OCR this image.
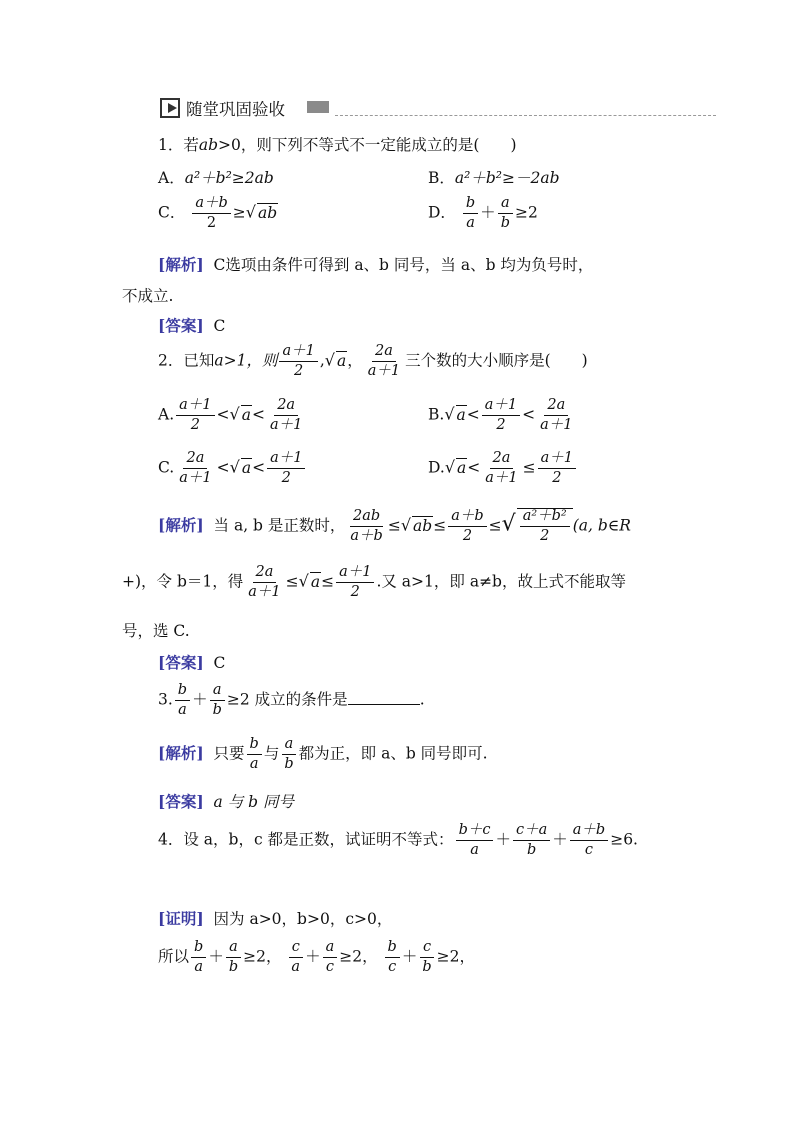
随堂巩固验收
1．若ab>0，则下列不等式不一定能成立的是(　　)
A．a²＋b²≥2ab	B．a²＋b²≥－2ab
C． $\frac{a+b}{2}$ ≥√ ab	D． $\frac{b}{a} + \frac{a}{b} \ge 2$
[解析] C选项由条件可得到 a、b 同号，当 a、b 均为负号时，
不成立.
[答案] C
2．已知a>1，则 $\frac{a+1}{2}$ ,√ a， $\frac{2a}{a+1}$ 三个数的大小顺序是(　　)
A. $\frac{a+1}{2}$ <√ $a< \frac{2a}{a+1}$	B.√ $a< \frac{a+1}{2} < \frac{2a}{a+1}$
C. $\frac{2a}{a+1}$ <√ $a< \frac{a+1}{2}$	D.√ $a< \frac{2a}{a+1} \le \frac{a+1}{2}$
[解析] 当 a, b 是正数时， $\frac{2ab}{a+b}$ ≤√ $ab\le \frac{a+b}{2}$ ≤√ $\frac{\text{a²＋b²}}{2} (a$, b∈R
+)，令 b＝1，得 $\frac{2a}{a+1}$ ≤√ $a\le \frac{a+1}{2}$ .又 a>1，即 a≠b，故上式不能取等
号，选 C.
[答案] C
3. $\frac{b}{a} + \frac{a}{b} \ge 2$ 成立的条件是	.
[解析] 只要 $\frac{b}{a}$ 与 $\frac{a}{b}$ 都为正，即 a、b 同号即可.
[答案] a 与 b 同号
4．设 a，b，c 都是正数，试证明不等式： $\frac{b+c}{a} + \frac{c+a}{b} + \frac{a+b}{c} \ge 6$.
[证明] 因为 a>0，b>0，c>0，
所以 $\frac{b}{a} + \frac{a}{b} \ge 2$， $\frac{c}{a} + \frac{a}{c} \ge 2$， $\frac{b}{c} + \frac{c}{b} \ge 2$，
